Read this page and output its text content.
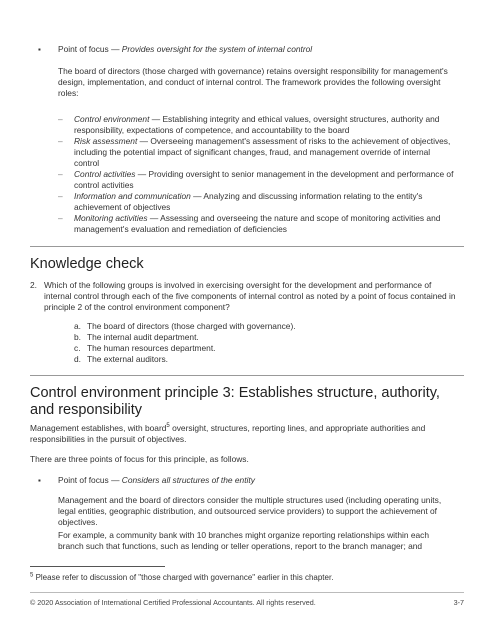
▪ Point of focus — Provides oversight for the system of internal control
The board of directors (those charged with governance) retains oversight responsibility for management's design, implementation, and conduct of internal control. The framework provides the following oversight roles:
– Control environment — Establishing integrity and ethical values, oversight structures, authority and responsibility, expectations of competence, and accountability to the board
– Risk assessment — Overseeing management's assessment of risks to the achievement of objectives, including the potential impact of significant changes, fraud, and management override of internal control
– Control activities — Providing oversight to senior management in the development and performance of control activities
– Information and communication — Analyzing and discussing information relating to the entity's achievement of objectives
– Monitoring activities — Assessing and overseeing the nature and scope of monitoring activities and management's evaluation and remediation of deficiencies
Knowledge check
2. Which of the following groups is involved in exercising oversight for the development and performance of internal control through each of the five components of internal control as noted by a point of focus contained in principle 2 of the control environment component?
a. The board of directors (those charged with governance).
b. The internal audit department.
c. The human resources department.
d. The external auditors.
Control environment principle 3: Establishes structure, authority, and responsibility
Management establishes, with board$^5$ oversight, structures, reporting lines, and appropriate authorities and responsibilities in the pursuit of objectives.
There are three points of focus for this principle, as follows.
▪ Point of focus — Considers all structures of the entity
Management and the board of directors consider the multiple structures used (including operating units, legal entities, geographic distribution, and outsourced service providers) to support the achievement of objectives.
For example, a community bank with 10 branches might organize reporting relationships within each branch such that functions, such as lending or teller operations, report to the branch manager; and
$^5$ Please refer to discussion of "those charged with governance" earlier in this chapter.
© 2020 Association of International Certified Professional Accountants. All rights reserved.	3-7
